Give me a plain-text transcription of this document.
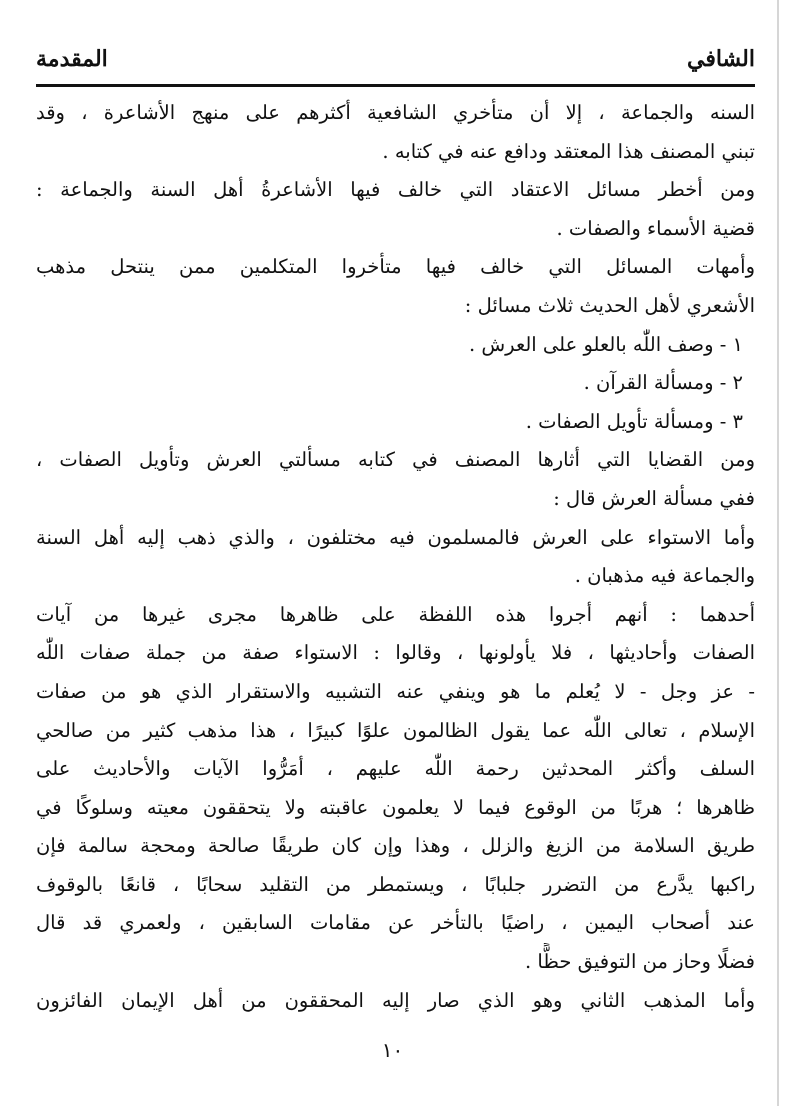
الشافي
المقدمة
السنه والجماعة ، إلا أن متأخري الشافعية أكثرهم على منهج الأشاعرة ، وقد
تبني المصنف هذا المعتقد ودافع عنه في كتابه .
ومن أخطر مسائل الاعتقاد التي خالف فيها الأشاعرةُ أهل السنة والجماعة :
قضية الأسماء والصفات .
وأمهات المسائل التي خالف فيها متأخروا المتكلمين ممن ينتحل مذهب
الأشعري لأهل الحديث ثلاث مسائل :
١ - وصف اللّٰه بالعلو على العرش .
٢ - ومسألة القرآن .
٣ - ومسألة تأويل الصفات .
ومن القضايا التي أثارها المصنف في كتابه مسألتي العرش وتأويل الصفات ،
ففي مسألة العرش قال :
وأما الاستواء على العرش فالمسلمون فيه مختلفون ، والذي ذهب إليه أهل السنة
والجماعة فيه مذهبان .
أحدهما : أنهم أجروا هذه اللفظة على ظاهرها مجرى غيرها من آيات
الصفات وأحاديثها ، فلا يأولونها ، وقالوا : الاستواء صفة من جملة صفات اللّٰه
- عز وجل - لا يُعلم ما هو وينفي عنه التشبيه والاستقرار الذي هو من صفات
الإسلام ، تعالى اللّٰه عما يقول الظالمون علوًا كبيرًا ، هذا مذهب كثير من صالحي
السلف وأكثر المحدثين رحمة اللّٰه عليهم ، أمَرُّوا الآيات والأحاديث على
ظاهرها ؛ هربًا من الوقوع فيما لا يعلمون عاقبته ولا يتحققون معيته وسلوكًا في
طريق السلامة من الزيغ والزلل ، وهذا وإن كان طريقًا صالحة ومحجة سالمة فإن
راكبها يدَّرع من التضرر جلبابًا ، ويستمطر من التقليد سحابًا ، قانعًا بالوقوف
عند أصحاب اليمين ، راضيًا بالتأخر عن مقامات السابقين ، ولعمري قد قال
فضلًا وحاز من التوفيق حظًّا .
وأما المذهب الثاني وهو الذي صار إليه المحققون من أهل الإيمان الفائزون
١٠
